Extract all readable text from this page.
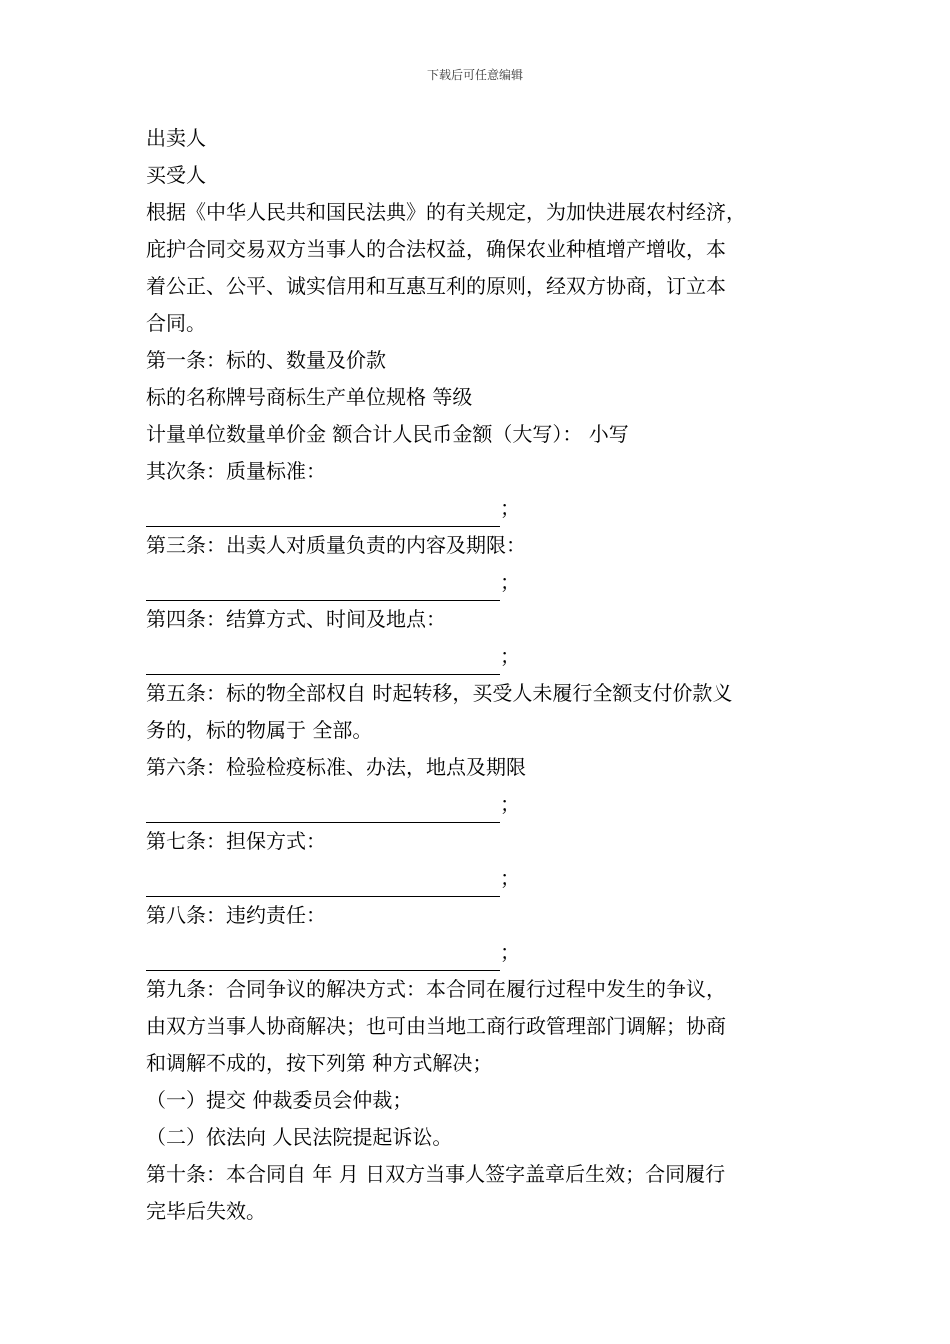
下载后可任意编辑

出卖人

买受人

根据《中华人民共和国民法典》的有关规定，为加快进展农村经济，

庇护合同交易双方当事人的合法权益，确保农业种植增产增收，本

着公正、公平、诚实信用和互惠互利的原则，经双方协商，订立本

合同。

第一条：标的、数量及价款

标的名称牌号商标生产单位规格 等级

计量单位数量单价金 额合计人民币金额（大写）： 小写

其次条：质量标准：

；

第三条：出卖人对质量负责的内容及期限：

；

第四条：结算方式、时间及地点：

；

第五条：标的物全部权自 时起转移，买受人未履行全额支付价款义

务的，标的物属于 全部。

第六条：检验检疫标准、办法，地点及期限

；

第七条：担保方式：

；

第八条：违约责任：

；

第九条：合同争议的解决方式：本合同在履行过程中发生的争议，

由双方当事人协商解决；也可由当地工商行政管理部门调解；协商

和调解不成的，按下列第 种方式解决；

（一）提交 仲裁委员会仲裁；

（二）依法向 人民法院提起诉讼。

第十条：本合同自 年 月 日双方当事人签字盖章后生效；合同履行

完毕后失效。
